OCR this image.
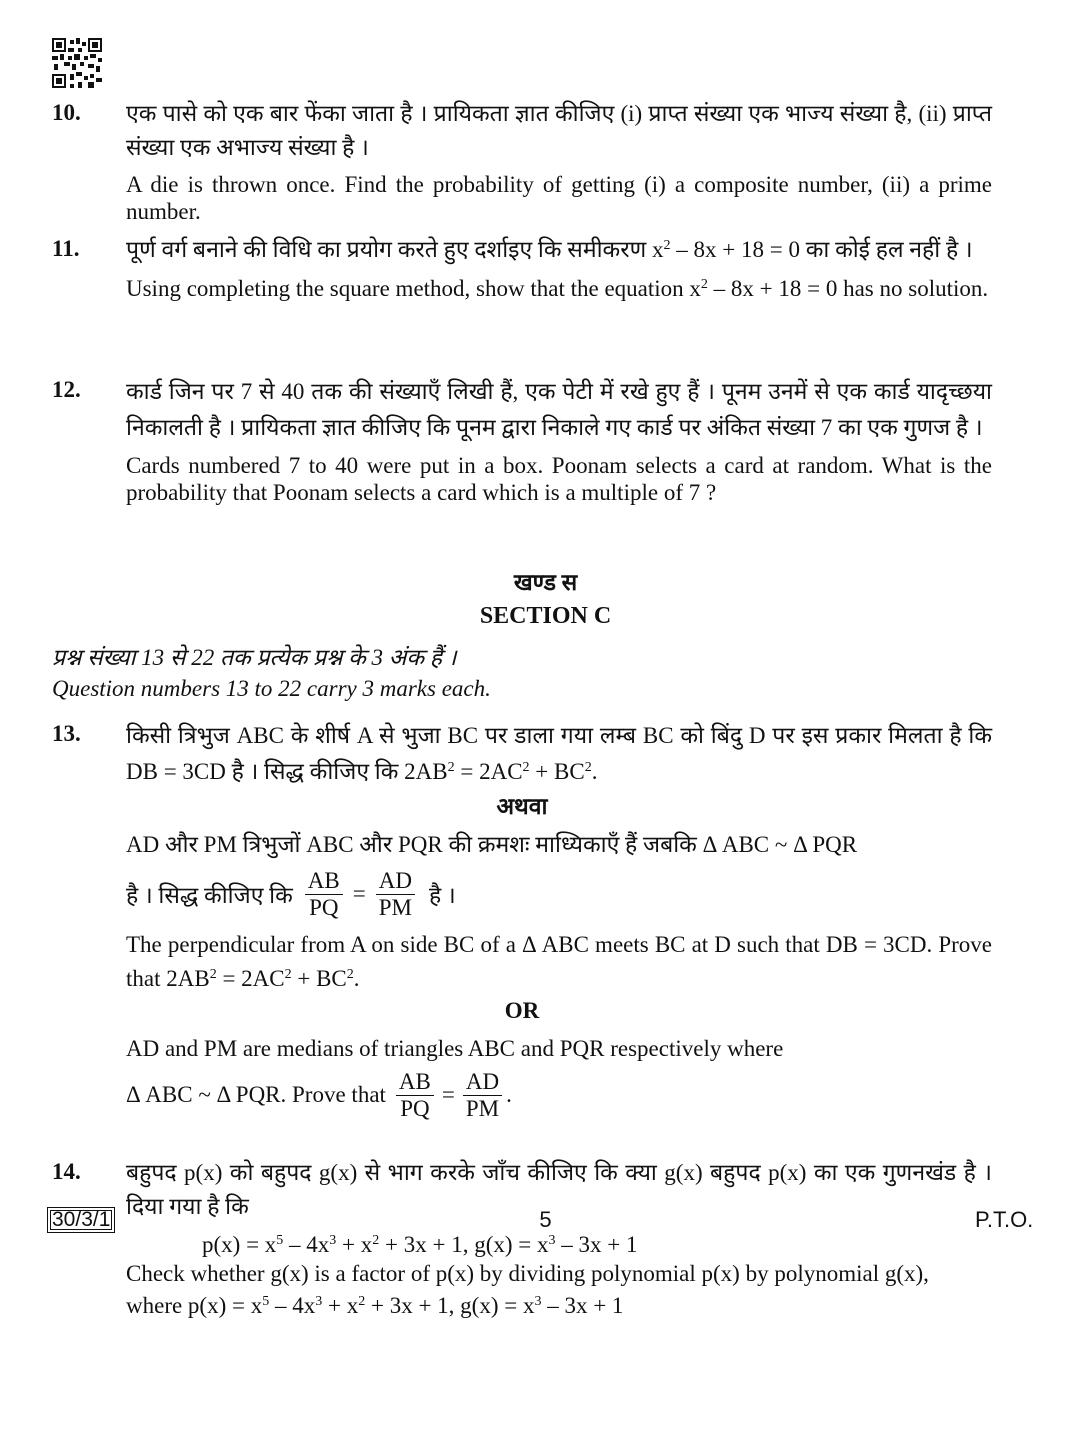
10. एक पासे को एक बार फेंका जाता है । प्रायिकता ज्ञात कीजिए (i) प्राप्त संख्या एक भाज्य संख्या है, (ii) प्राप्त संख्या एक अभाज्य संख्या है ।
A die is thrown once. Find the probability of getting (i) a composite number, (ii) a prime number.
11. पूर्ण वर्ग बनाने की विधि का प्रयोग करते हुए दर्शाइए कि समीकरण $x^2 - 8x + 18 = 0$ का कोई हल नहीं है ।
Using completing the square method, show that the equation $x^2 - 8x + 18 = 0$ has no solution.
12. कार्ड जिन पर 7 से 40 तक की संख्याएँ लिखी हैं, एक पेटी में रखे हुए हैं । पूनम उनमें से एक कार्ड यादृच्छया निकालती है । प्रायिकता ज्ञात कीजिए कि पूनम द्वारा निकाले गए कार्ड पर अंकित संख्या 7 का एक गुणज है ।
Cards numbered 7 to 40 were put in a box. Poonam selects a card at random. What is the probability that Poonam selects a card which is a multiple of 7 ?
खण्ड स
SECTION C
प्रश्न संख्या 13 से 22 तक प्रत्येक प्रश्न के 3 अंक हैं ।
Question numbers 13 to 22 carry 3 marks each.
13. किसी त्रिभुज ABC के शीर्ष A से भुजा BC पर डाला गया लम्ब BC को बिंदु D पर इस प्रकार मिलता है कि DB = 3CD है । सिद्ध कीजिए कि $2AB^2 = 2AC^2 + BC^2$.
अथवा
AD और PM त्रिभुजों ABC और PQR की क्रमशः माध्यिकाएँ हैं जबकि Δ ABC ~ Δ PQR
है । सिद्ध कीजिए कि $\frac{AB}{PQ} = \frac{AD}{PM}$ है ।
The perpendicular from A on side BC of a Δ ABC meets BC at D such that DB = 3CD. Prove that $2AB^2 = 2AC^2 + BC^2$.
OR
AD and PM are medians of triangles ABC and PQR respectively where
Δ ABC ~ Δ PQR. Prove that $\frac{AB}{PQ} = \frac{AD}{PM}$ .
14. बहुपद p(x) को बहुपद g(x) से भाग करके जाँच कीजिए कि क्या g(x) बहुपद p(x) का एक गुणनखंड है । दिया गया है कि
$p(x) = x^5 - 4x^3 + x^2 + 3x + 1$, $g(x) = x^3 - 3x + 1$
Check whether g(x) is a factor of p(x) by dividing polynomial p(x) by polynomial g(x),
where $p(x) = x^5 - 4x^3 + x^2 + 3x + 1$, $g(x) = x^3 - 3x + 1$
30/3/1	5	P.T.O.
